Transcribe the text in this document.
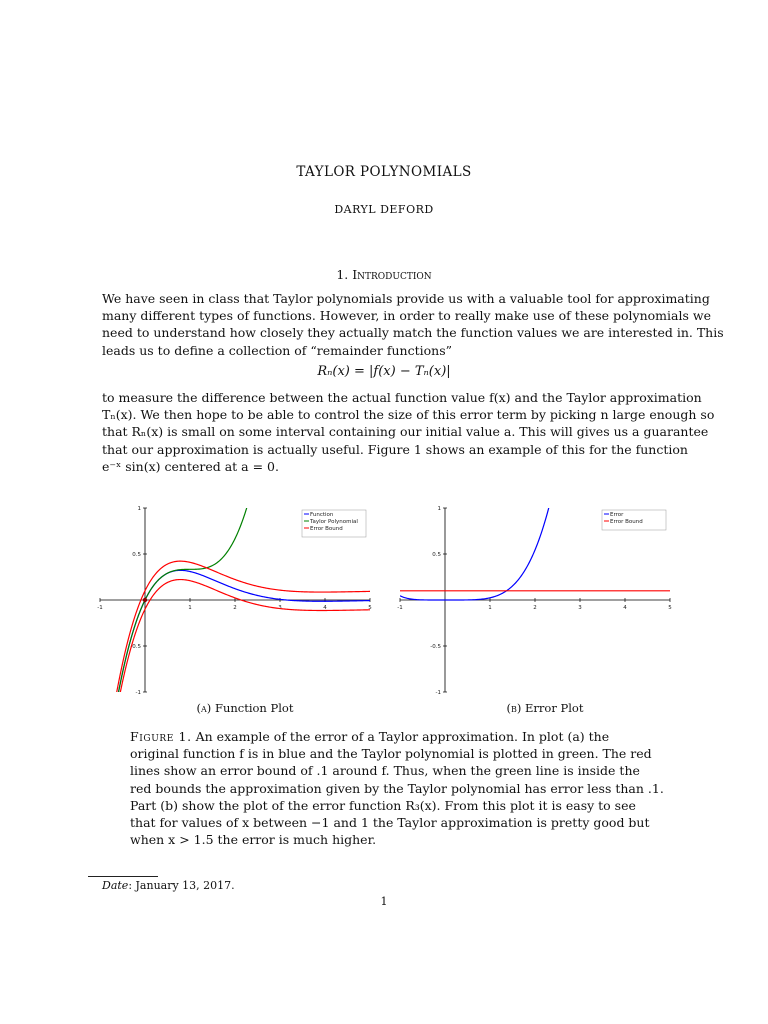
TAYLOR POLYNOMIALS
DARYL DEFORD
1. Introduction
We have seen in class that Taylor polynomials provide us with a valuable tool for approximating
many different types of functions. However, in order to really make use of these polynomials we
need to understand how closely they actually match the function values we are interested in. This
leads us to define a collection of “remainder functions”
Rₙ(x) = |f(x) − Tₙ(x)|
to measure the difference between the actual function value f(x) and the Taylor approximation
Tₙ(x). We then hope to be able to control the size of this error term by picking n large enough so
that Rₙ(x) is small on some interval containing our initial value a. This will gives us a guarantee
that our approximation is actually useful. Figure 1 shows an example of this for the function
e⁻ˣ sin(x) centered at a = 0.
-1	1	2	3	4	5
1
0.5
-0.5
-1
Function
Taylor Polynomial
Error Bound
-1	1	2	3	4	5
1
0.5
-0.5
-1
Error
Error Bound
(a) Function Plot	(b) Error Plot
Figure 1. An example of the error of a Taylor approximation. In plot (a) the
original function f is in blue and the Taylor polynomial is plotted in green. The red
lines show an error bound of .1 around f. Thus, when the green line is inside the
red bounds the approximation given by the Taylor polynomial has error less than .1.
Part (b) show the plot of the error function R₃(x). From this plot it is easy to see
that for values of x between −1 and 1 the Taylor approximation is pretty good but
when x > 1.5 the error is much higher.
Date: January 13, 2017.
1
